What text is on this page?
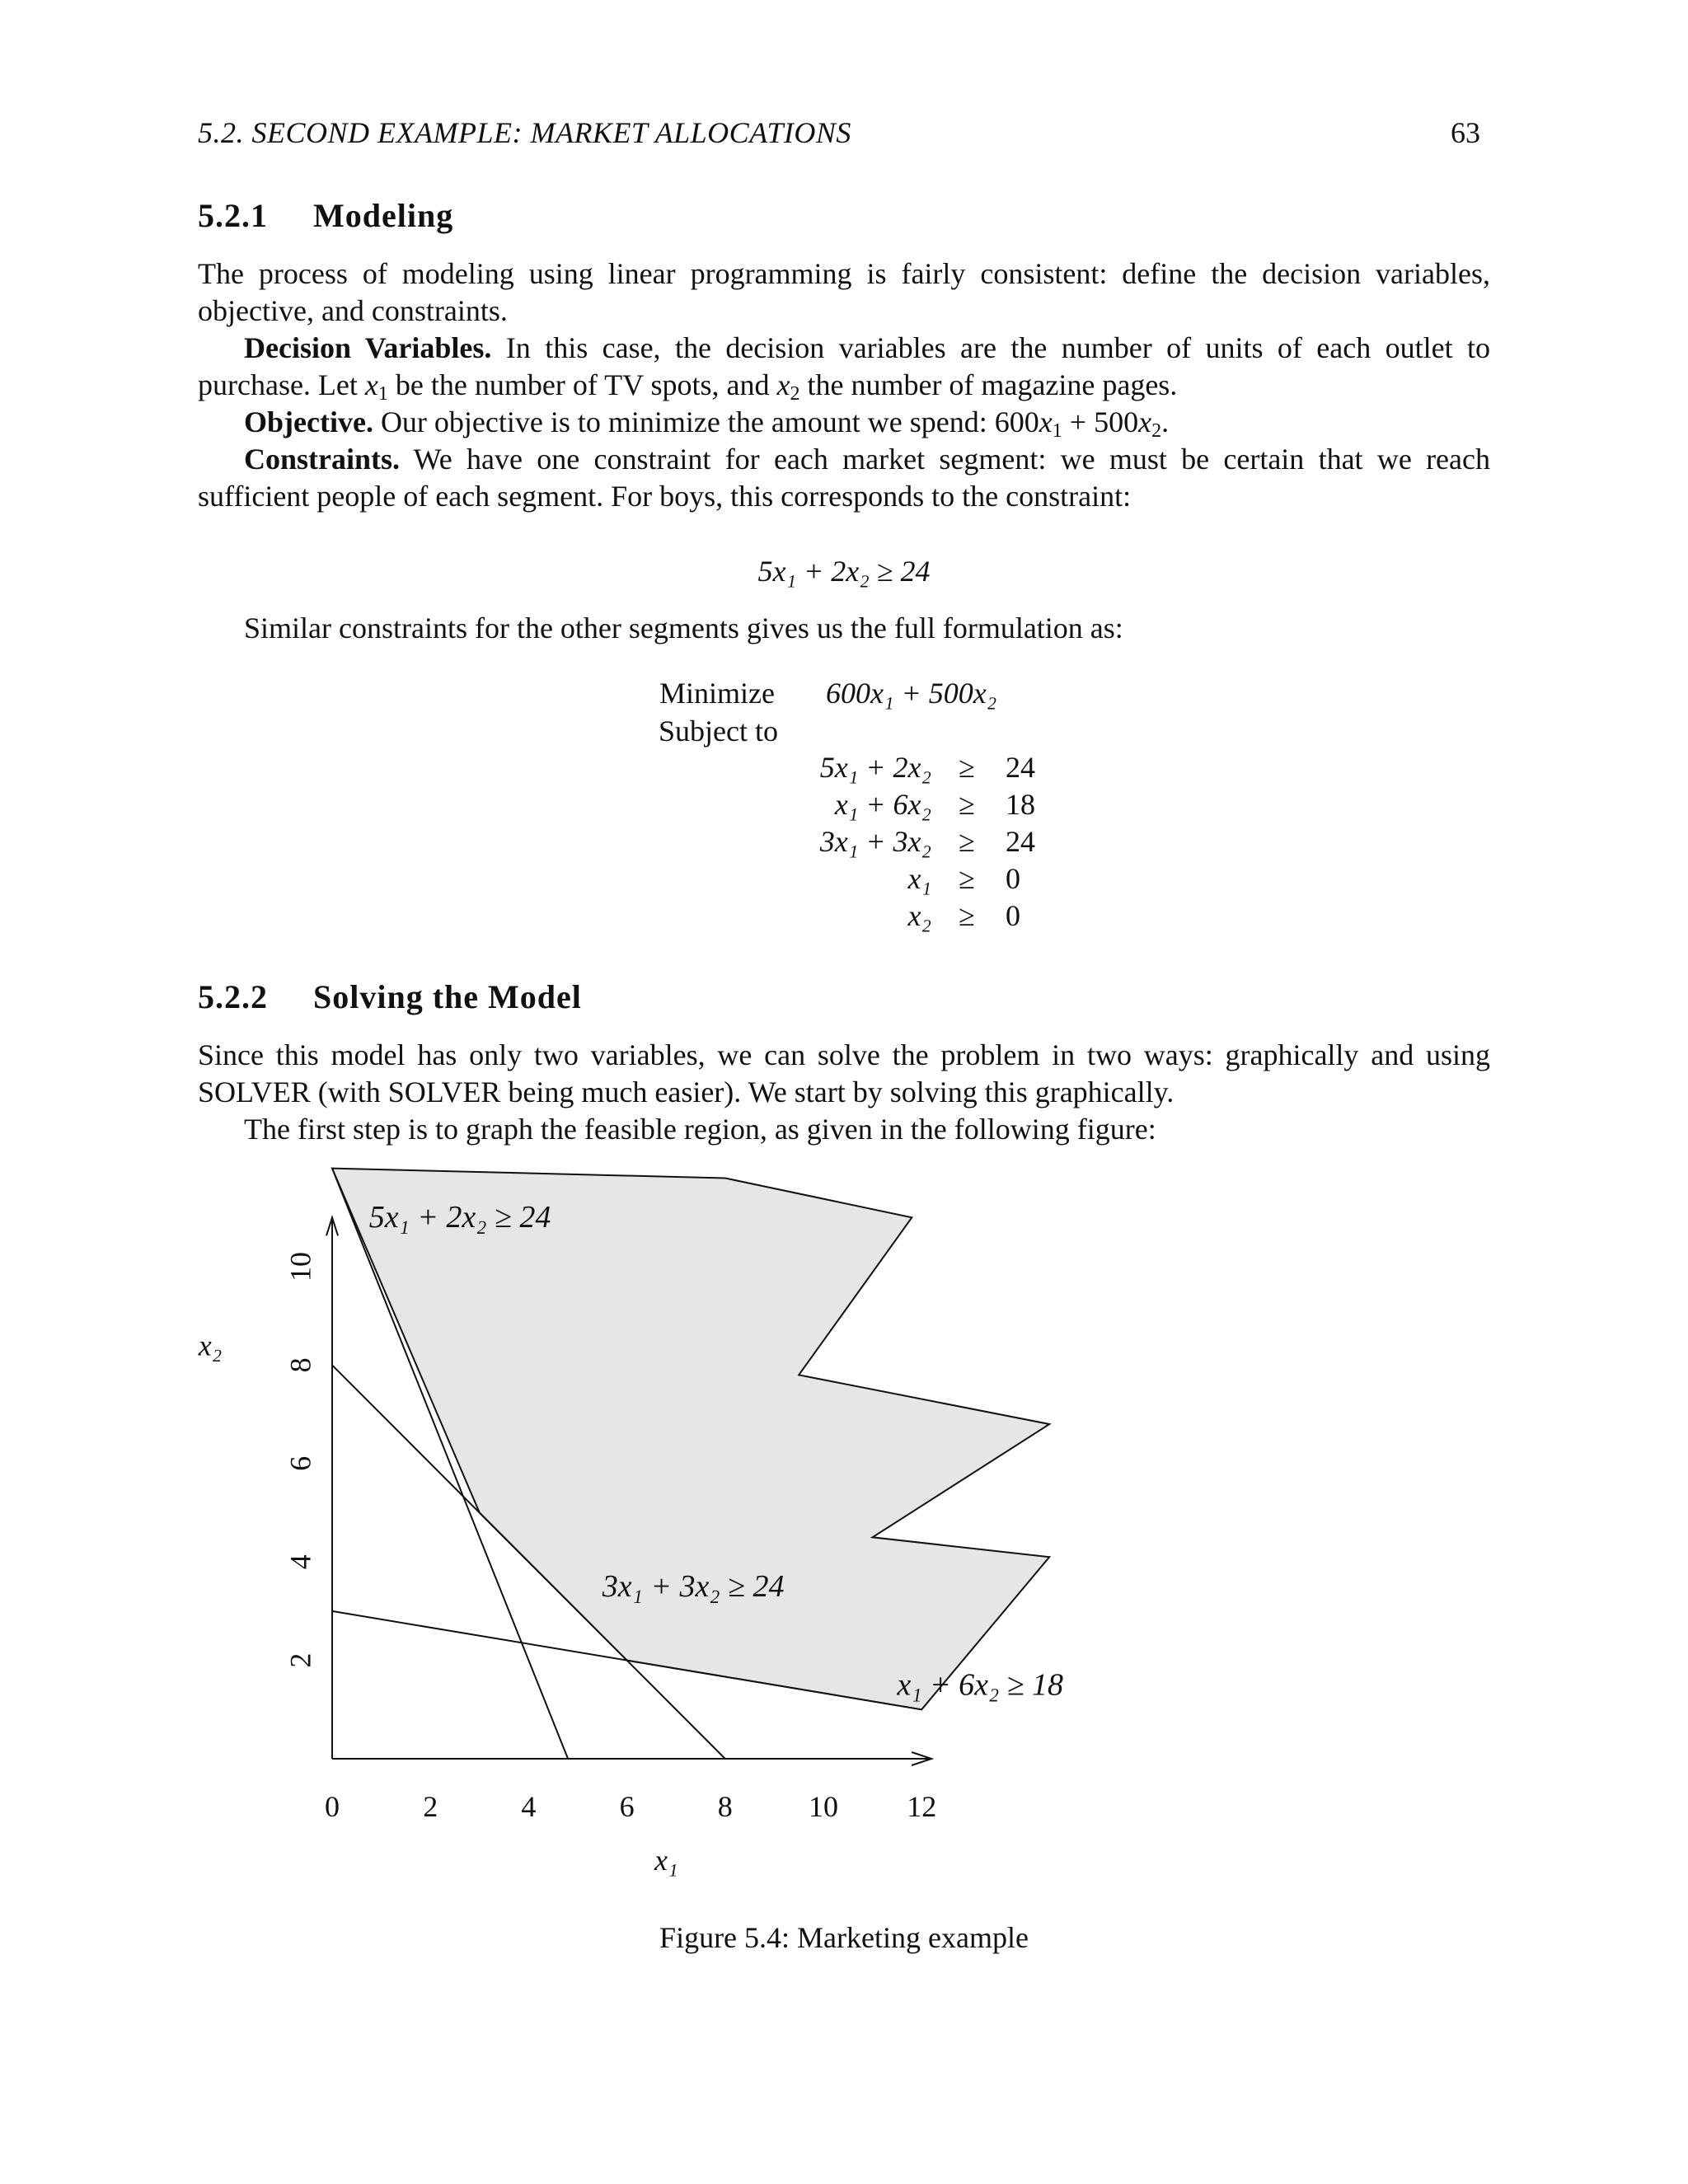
5.2. SECOND EXAMPLE: MARKET ALLOCATIONS	63
5.2.1 Modeling
The process of modeling using linear programming is fairly consistent: define the decision variables, objective, and constraints.
Decision Variables. In this case, the decision variables are the number of units of each outlet to purchase. Let $x_1$ be the number of TV spots, and $x_2$ the number of magazine pages.
Objective. Our objective is to minimize the amount we spend: $600x_1 + 500x_2$.
Constraints. We have one constraint for each market segment: we must be certain that we reach sufficient people of each segment. For boys, this corresponds to the constraint:
5x₁ + 2x₂ ≥ 24
Similar constraints for the other segments gives us the full formulation as:
Minimize 600x₁ + 500x₂
Subject to
5x₁ + 2x₂ ≥ 24
x₁ + 6x₂ ≥ 18
3x₁ + 3x₂ ≥ 24
x₁ ≥ 0
x₂ ≥ 0
5.2.2 Solving the Model
Since this model has only two variables, we can solve the problem in two ways: graphically and using SOLVER (with SOLVER being much easier). We start by solving this graphically.
The first step is to graph the feasible region, as given in the following figure:
0	2	4	6	8	10 12
2
4
6
8
10
x₁
x₂
5x₁ + 2x₂ ≥ 24
x₁ + 6x₂ ≥ 18
3x₁ + 3x₂ ≥ 24
Figure 5.4: Marketing example
